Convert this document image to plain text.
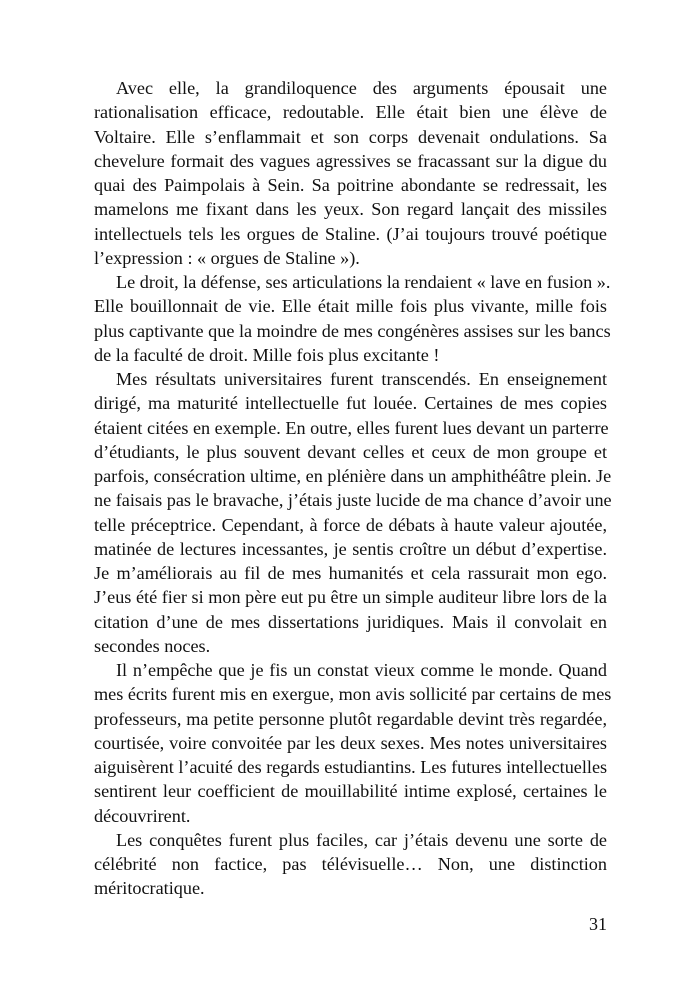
Avec elle, la grandiloquence des arguments épousait une
rationalisation efficace, redoutable. Elle était bien une élève de
Voltaire. Elle s’enflammait et son corps devenait ondulations. Sa
chevelure formait des vagues agressives se fracassant sur la digue du
quai des Paimpolais à Sein. Sa poitrine abondante se redressait, les
mamelons me fixant dans les yeux. Son regard lançait des missiles
intellectuels tels les orgues de Staline. (J’ai toujours trouvé poétique
l’expression : « orgues de Staline »).
Le droit, la défense, ses articulations la rendaient « lave en fusion ».
Elle bouillonnait de vie. Elle était mille fois plus vivante, mille fois
plus captivante que la moindre de mes congénères assises sur les bancs
de la faculté de droit. Mille fois plus excitante !
Mes résultats universitaires furent transcendés. En enseignement
dirigé, ma maturité intellectuelle fut louée. Certaines de mes copies
étaient citées en exemple. En outre, elles furent lues devant un parterre
d’étudiants, le plus souvent devant celles et ceux de mon groupe et
parfois, consécration ultime, en plénière dans un amphithéâtre plein. Je
ne faisais pas le bravache, j’étais juste lucide de ma chance d’avoir une
telle préceptrice. Cependant, à force de débats à haute valeur ajoutée,
matinée de lectures incessantes, je sentis croître un début d’expertise.
Je m’améliorais au fil de mes humanités et cela rassurait mon ego.
J’eus été fier si mon père eut pu être un simple auditeur libre lors de la
citation d’une de mes dissertations juridiques. Mais il convolait en
secondes noces.
Il n’empêche que je fis un constat vieux comme le monde. Quand
mes écrits furent mis en exergue, mon avis sollicité par certains de mes
professeurs, ma petite personne plutôt regardable devint très regardée,
courtisée, voire convoitée par les deux sexes. Mes notes universitaires
aiguisèrent l’acuité des regards estudiantins. Les futures intellectuelles
sentirent leur coefficient de mouillabilité intime explosé, certaines le
découvrirent.
Les conquêtes furent plus faciles, car j’étais devenu une sorte de
célébrité non factice, pas télévisuelle… Non, une distinction
méritocratique.
31
